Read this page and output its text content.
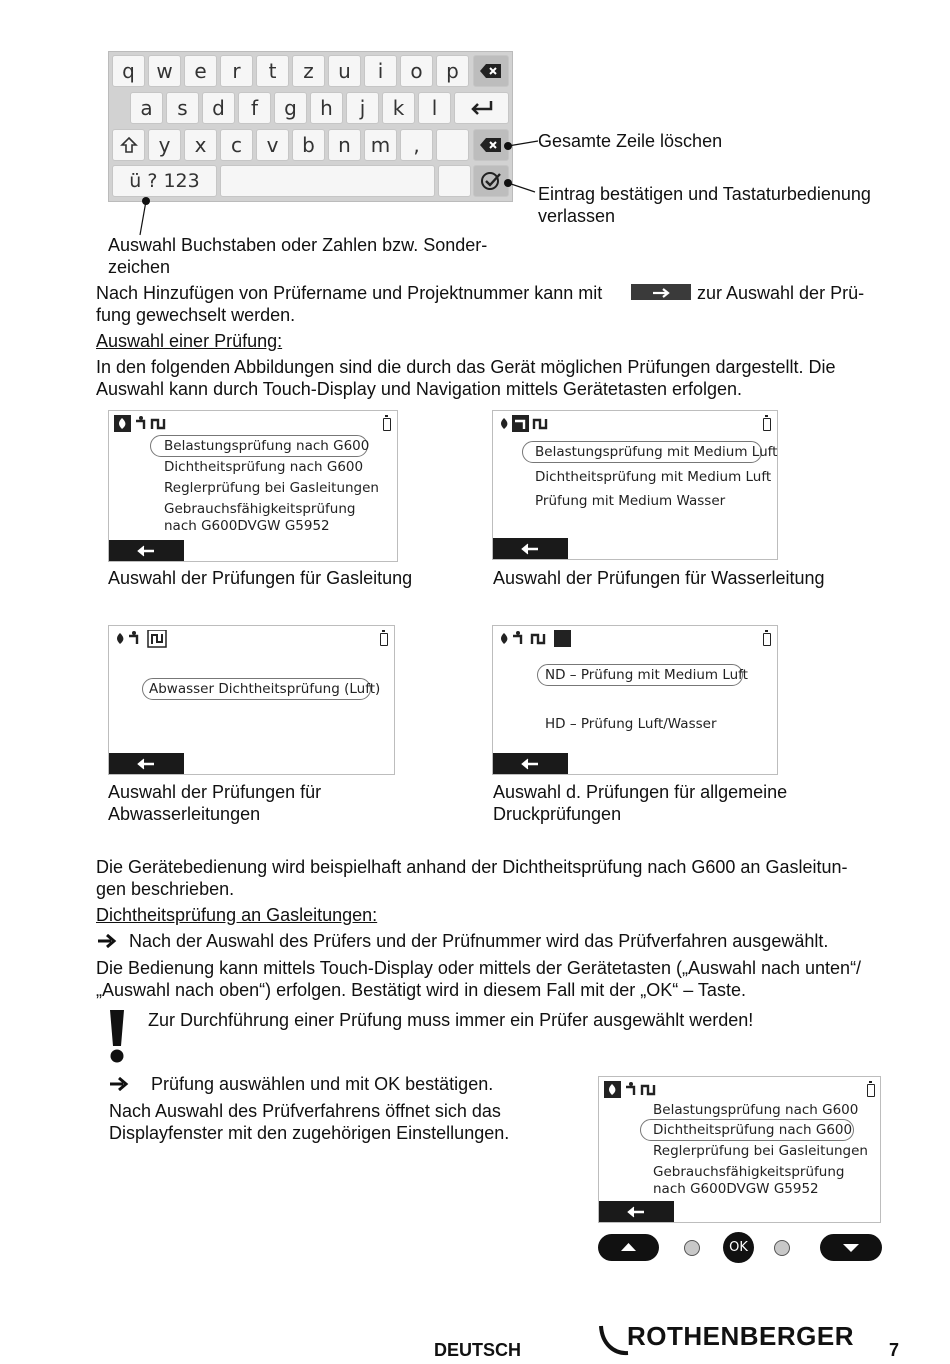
q	w	e	r	t	z	u	i	o	p
a	s	d	f	g	h	j	k	l
y	x	c	v	b	n m	,
ü ? 123
Gesamte Zeile löschen
Eintrag bestätigen und Tastaturbedienung
verlassen
Auswahl Buchstaben oder Zahlen bzw. Sonder-
zeichen
Nach Hinzufügen von Prüfername und Projektnummer kann mit	zur Auswahl der Prü-
fung gewechselt werden.
Auswahl einer Prüfung:
In den folgenden Abbildungen sind die durch das Gerät möglichen Prüfungen dargestellt. Die
Auswahl kann durch Touch-Display und Navigation mittels Gerätetasten erfolgen.
Belastungsprüfung nach G600
Dichtheitsprüfung nach G600
Reglerprüfung bei Gasleitungen
Gebrauchsfähigkeitsprüfung
nach G600DVGW G5952
Auswahl der Prüfungen für Gasleitung
Belastungsprüfung mit Medium Luft
Dichtheitsprüfung mit Medium Luft
Prüfung mit Medium Wasser
Auswahl der Prüfungen für Wasserleitung
Abwasser Dichtheitsprüfung (Luft)
Auswahl der Prüfungen für
Abwasserleitungen
ND – Prüfung mit Medium Luft
HD – Prüfung Luft/Wasser
Auswahl d. Prüfungen für allgemeine
Druckprüfungen
Die Gerätebedienung wird beispielhaft anhand der Dichtheitsprüfung nach G600 an Gasleitun-
gen beschrieben.
Dichtheitsprüfung an Gasleitungen:
Nach der Auswahl des Prüfers und der Prüfnummer wird das Prüfverfahren ausgewählt.
Die Bedienung kann mittels Touch-Display oder mittels der Gerätetasten („Auswahl nach unten“/
„Auswahl nach oben“) erfolgen. Bestätigt wird in diesem Fall mit der „OK“ – Taste.
Zur Durchführung einer Prüfung muss immer ein Prüfer ausgewählt werden!
Prüfung auswählen und mit OK bestätigen.
Nach Auswahl des Prüfverfahrens öffnet sich das
Displayfenster mit den zugehörigen Einstellungen.
Belastungsprüfung nach G600
Dichtheitsprüfung nach G600
Reglerprüfung bei Gasleitungen
Gebrauchsfähigkeitsprüfung
nach G600DVGW G5952
OK
DEUTSCH	ROTHENBERGER 7
